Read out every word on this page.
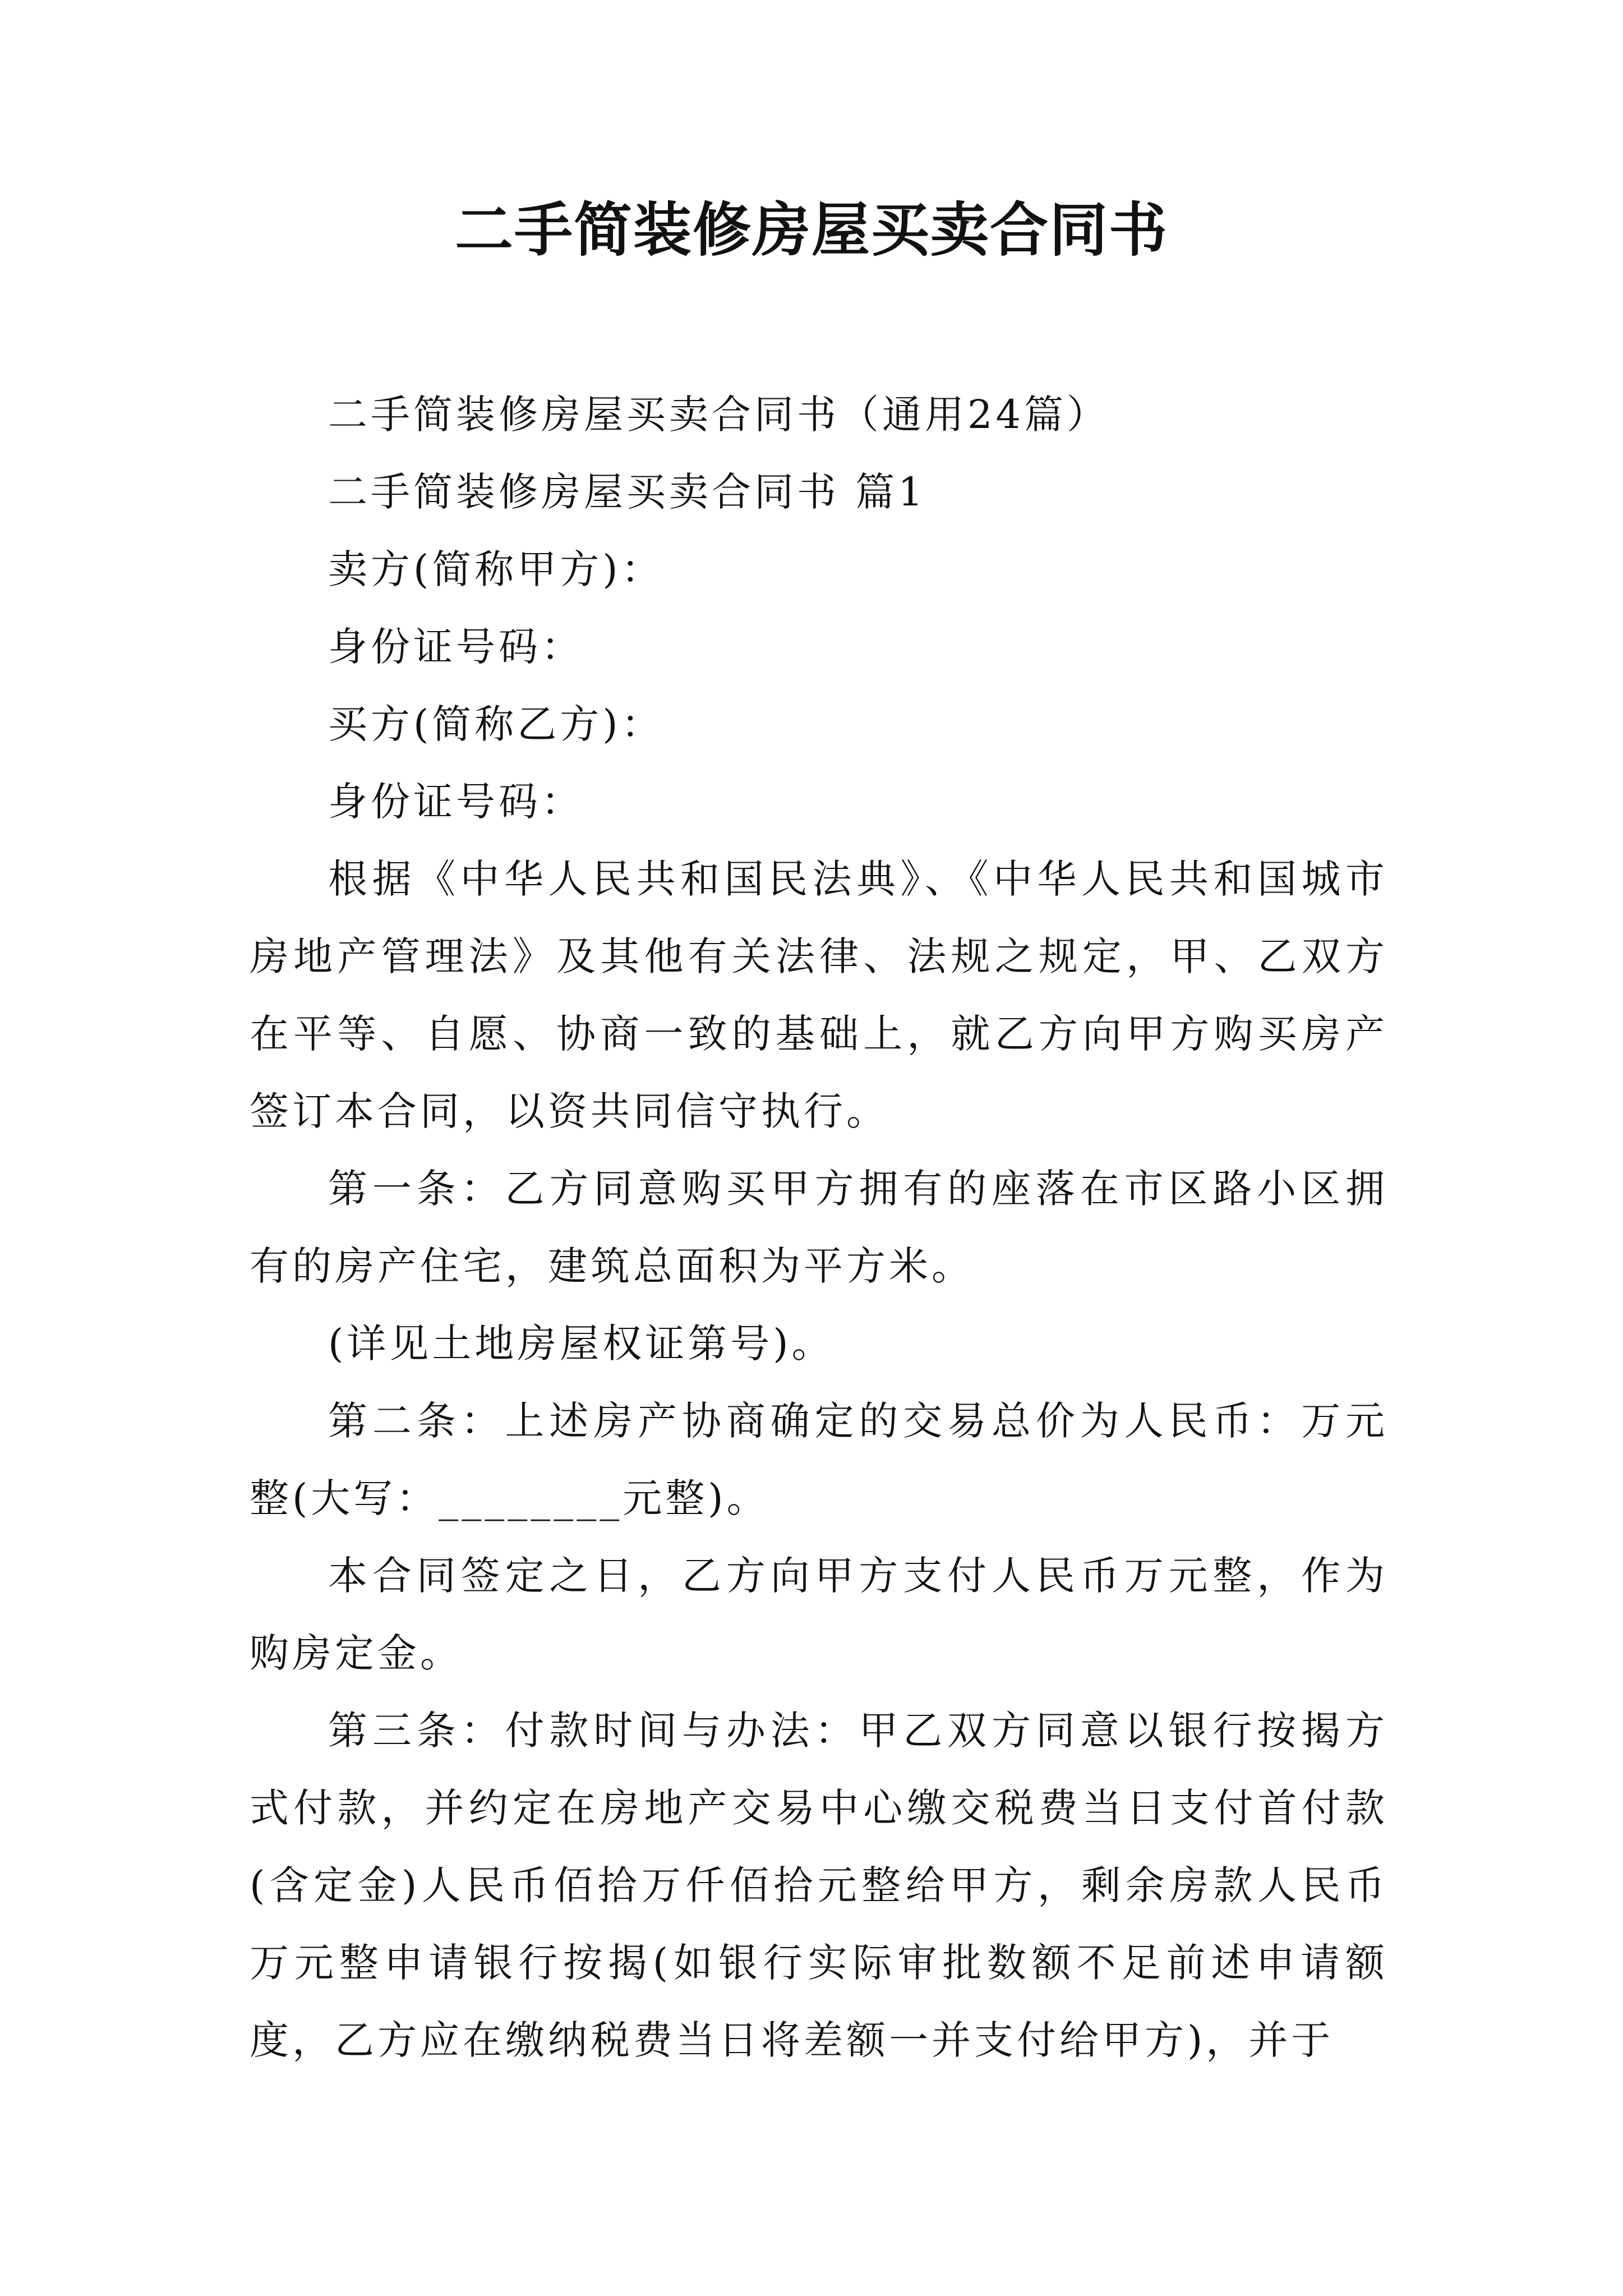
二手简装修房屋买卖合同书

二手简装修房屋买卖合同书（通用24篇）

二手简装修房屋买卖合同书 篇1

卖方(简称甲方)：

身份证号码：

买方(简称乙方)：

身份证号码：

根据《中华人民共和国民法典》、《中华人民共和国城市房地产管理法》及其他有关法律、法规之规定，甲、乙双方在平等、自愿、协商一致的基础上，就乙方向甲方购买房产签订本合同，以资共同信守执行。

第一条：乙方同意购买甲方拥有的座落在市区路小区拥有的房产住宅，建筑总面积为平方米。

(详见土地房屋权证第号)。

第二条：上述房产协商确定的交易总价为人民币：万元整(大写：________元整)。

本合同签定之日，乙方向甲方支付人民币万元整，作为购房定金。

第三条：付款时间与办法：甲乙双方同意以银行按揭方式付款，并约定在房地产交易中心缴交税费当日支付首付款(含定金)人民币佰拾万仟佰拾元整给甲方，剩余房款人民币万元整申请银行按揭(如银行实际审批数额不足前述申请额度，乙方应在缴纳税费当日将差额一并支付给甲方)，并于
